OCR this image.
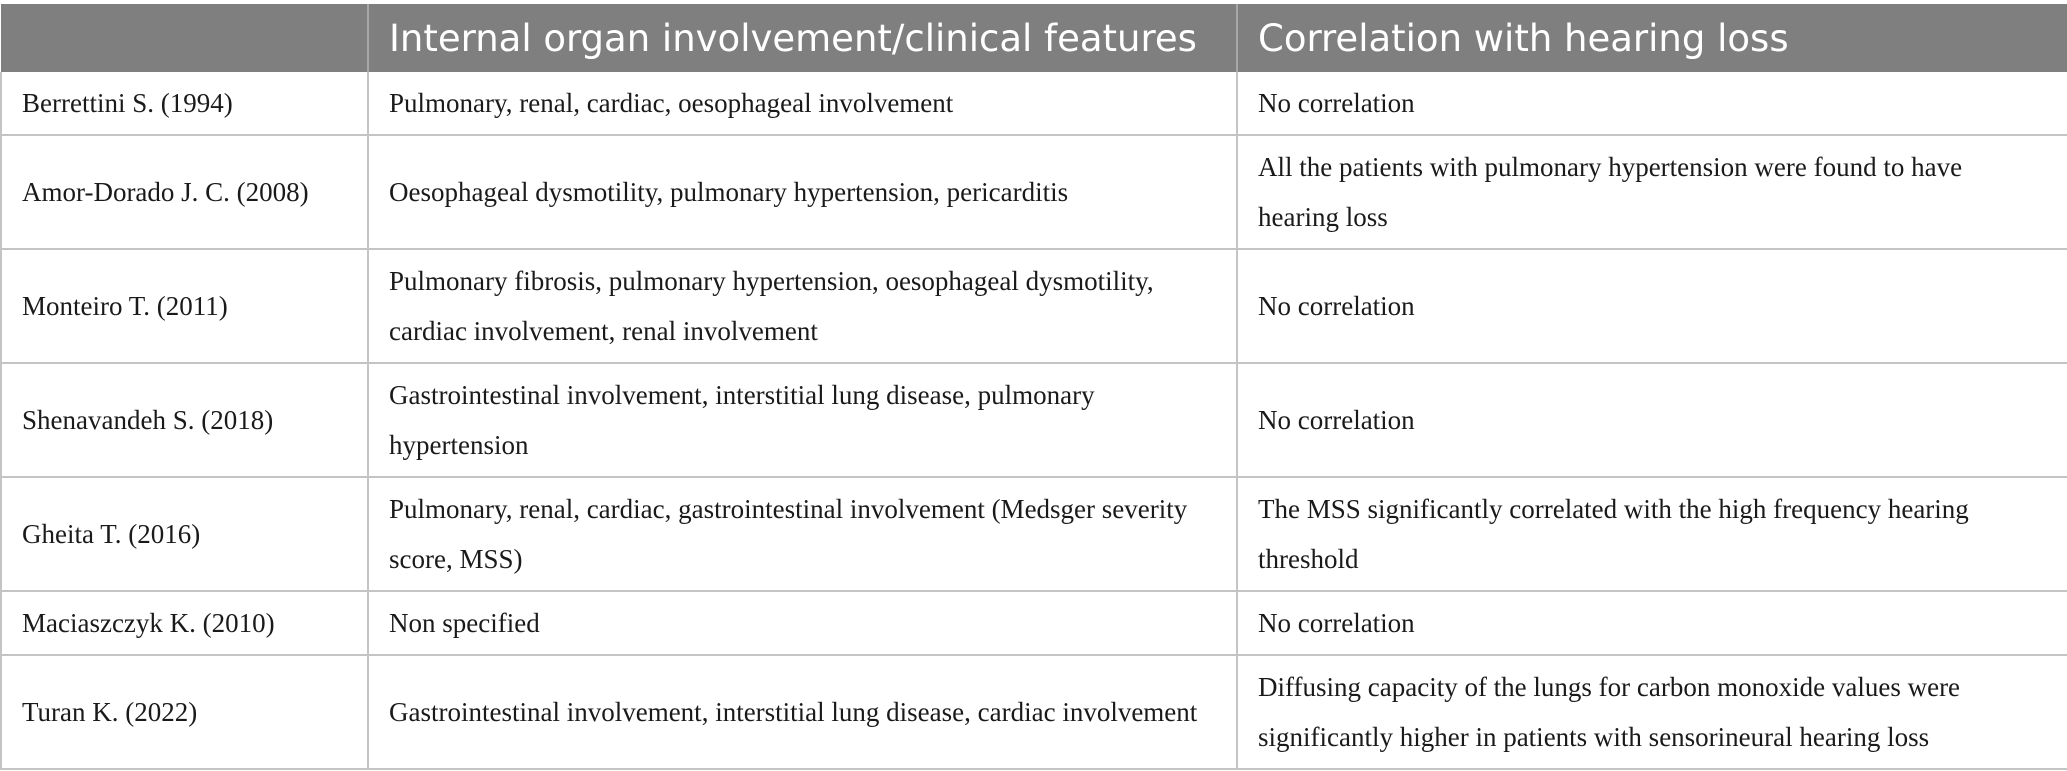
	Internal organ involvement/clinical features	Correlation with hearing loss
Berrettini S. (1994)	Pulmonary, renal, cardiac, oesophageal involvement	No correlation
Amor-Dorado J. C. (2008)	Oesophageal dysmotility, pulmonary hypertension, pericarditis	All the patients with pulmonary hypertension were found to have hearing loss
Monteiro T. (2011)	Pulmonary fibrosis, pulmonary hypertension, oesophageal dysmotility, cardiac involvement, renal involvement	No correlation
Shenavandeh S. (2018)	Gastrointestinal involvement, interstitial lung disease, pulmonary hypertension	No correlation
Gheita T. (2016)	Pulmonary, renal, cardiac, gastrointestinal involvement (Medsger severity score, MSS)	The MSS significantly correlated with the high frequency hearing threshold
Maciaszczyk K. (2010)	Non specified	No correlation
Turan K. (2022)	Gastrointestinal involvement, interstitial lung disease, cardiac involvement	Diffusing capacity of the lungs for carbon monoxide values were significantly higher in patients with sensorineural hearing loss
